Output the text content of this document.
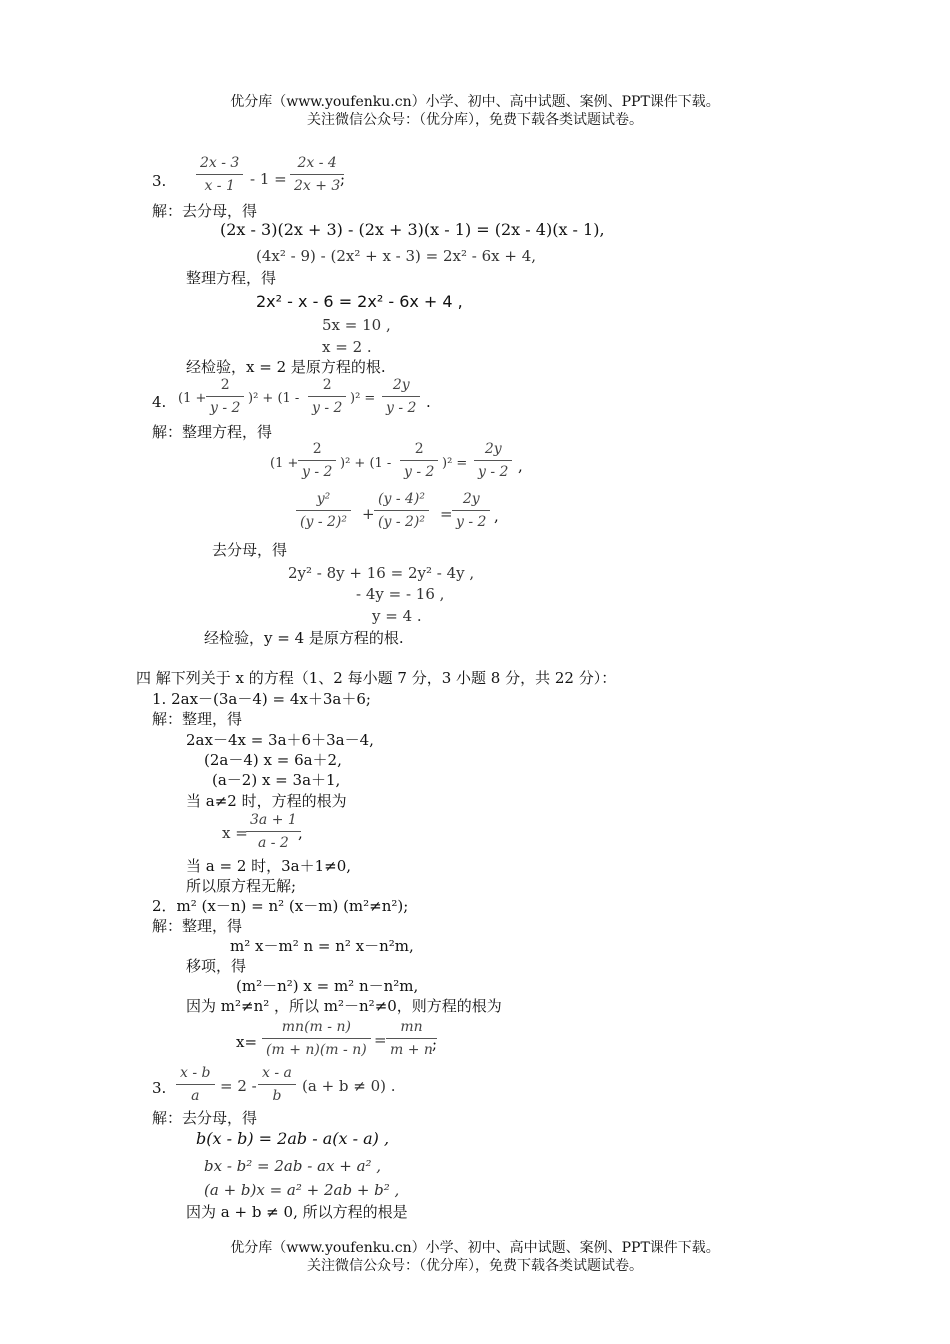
优分库（www.youfenku.cn）小学、初中、高中试题、案例、PPT课件下载。
关注微信公众号：（优分库），免费下载各类试题试卷。
3.
2x - 3
x - 1 - 1 =
2x - 4
2x + 3 ;
解：去分母，得
(2x - 3)(2x + 3) - (2x + 3)(x - 1) = (2x - 4)(x - 1),
(4x² - 9) - (2x² + x - 3) = 2x² - 6x + 4,
整理方程，得
2x² - x - 6 = 2x² - 6x + 4 ,
5x = 10 ,
x = 2 .
经检验，x = 2 是原方程的根.
4. (1 +
2
y - 2
)² + (1 -
2
y - 2
)² =
2y
y - 2 .
解：整理方程，得
(1 +
2
y - 2
)² + (1 -
2
y - 2
)² =
2y
y - 2 ,
y²
(y - 2)² +
(y - 4)²
(y - 2)² =
2y
y - 2 ,
去分母，得
2y² - 8y + 16 = 2y² - 4y ,
- 4y = - 16 ,
y = 4 .
经检验，y = 4 是原方程的根.
四 解下列关于 x 的方程（1、2 每小题 7 分，3 小题 8 分，共 22 分）：
1. 2ax－(3a－4) = 4x＋3a＋6;
解：整理，得
2ax－4x = 3a＋6＋3a－4,
(2a－4) x = 6a＋2,
(a－2) x = 3a＋1,
当 a≠2 时，方程的根为
x =
3a + 1
a - 2
,
当 a = 2 时，3a＋1≠0,
所以原方程无解;
2．m² (x－n) = n² (x－m) (m²≠n²);
解：整理，得
m² x－m² n = n² x－n²m,
移项，得
(m²－n²) x = m² n－n²m,
因为 m²≠n² ，所以 m²－n²≠0，则方程的根为
x=
mn(m - n)
(m + n)(m - n)
=
mn
m + n ;
3.
x - b
a
= 2 -
x - a
b
(a + b ≠ 0) .
解：去分母，得
b(x - b) = 2ab - a(x - a) ,
bx - b² = 2ab - ax + a² ,
(a + b)x = a² + 2ab + b² ,
因为 a + b ≠ 0, 所以方程的根是
优分库（www.youfenku.cn）小学、初中、高中试题、案例、PPT课件下载。
关注微信公众号：（优分库），免费下载各类试题试卷。
